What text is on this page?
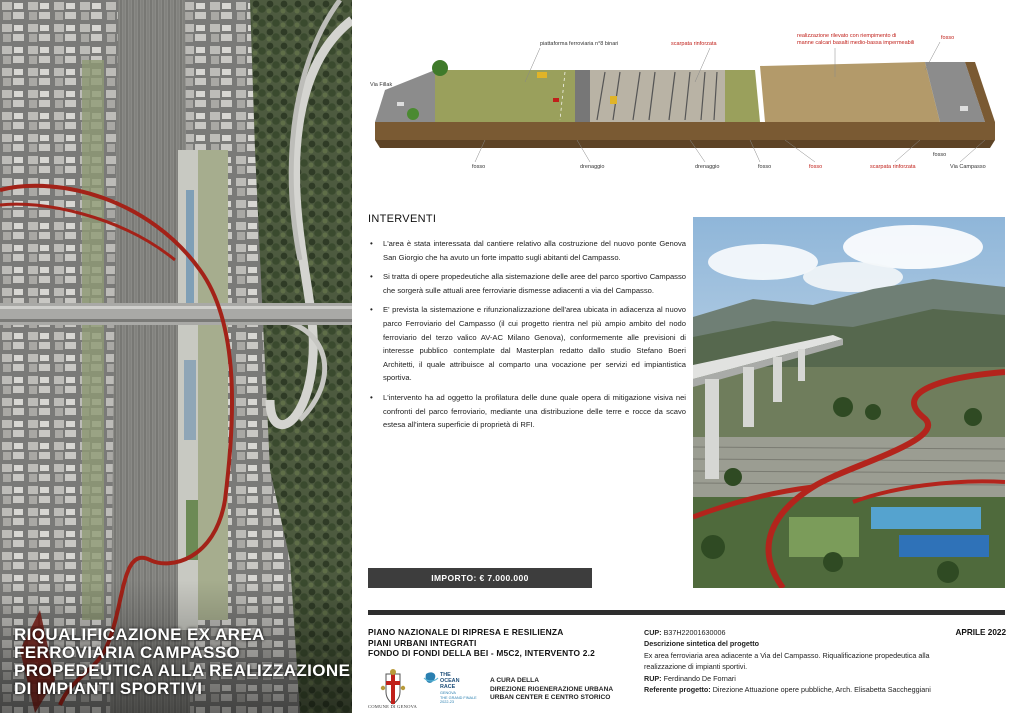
RIQUALIFICAZIONE EX AREA
FERROVIARIA CAMPASSO
PROPEDEUTICA ALLA REALIZZAZIONE
DI IMPIANTI SPORTIVI
piattaforma ferroviaria n°8 binari	scarpata rinforzata
realizzazione rilevato con riempimento di
manne calcari basalti medio-bassa impermeabili
fosso
Via Fillak
Via Campasso
fosso	drenaggio	drenaggio	fosso	fosso	scarpata rinforzata
fosso
INTERVENTI
• L'area è stata interessata dal cantiere relativo alla costruzione del nuovo ponte Genova San Giorgio che ha avuto un forte impatto sugli abitanti del Campasso.
• Si tratta di opere propedeutiche alla sistemazione delle aree del parco sportivo Campasso che sorgerà sulle attuali aree ferroviarie dismesse adiacenti a via del Campasso.
• E' prevista la sistemazione e rifunzionalizzazione dell'area ubicata in adiacenza al nuovo parco Ferroviario del Campasso (il cui progetto rientra nel più ampio ambito del nodo ferroviario del terzo valico AV-AC Milano Genova), conformemente alle previsioni di interesse pubblico contemplate dal Masterplan redatto dallo studio Stefano Boeri Architetti, il quale attribuisce al comparto una vocazione per servizi ed impiantistica sportiva.
• L'intervento ha ad oggetto la profilatura delle dune quale opera di mitigazione visiva nei confronti del parco ferroviario, mediante una distribuzione delle terre e rocce da scavo estesa all'intera superficie di proprietà di RFI.
IMPORTO: € 7.000.000
PIANO NAZIONALE DI RIPRESA E RESILIENZA
PIANI URBANI INTEGRATI
FONDO DI FONDI DELLA BEI - M5C2, INTERVENTO 2.2
COMUNE DI GENOVA
THE
OCEAN
RACE
GENOVA
THE GRAND FINALE
2022-23
A CURA DELLA
DIREZIONE RIGENERAZIONE URBANA
URBAN CENTER E CENTRO STORICO
CUP: B37H22001630006	APRILE 2022
Descrizione sintetica del progetto
Ex area ferroviaria area adiacente a Via del Campasso. Riqualificazione propedeutica alla
realizzazione di impianti sportivi.
RUP: Ferdinando De Fornari
Referente progetto: Direzione Attuazione opere pubbliche, Arch. Elisabetta Saccheggiani
